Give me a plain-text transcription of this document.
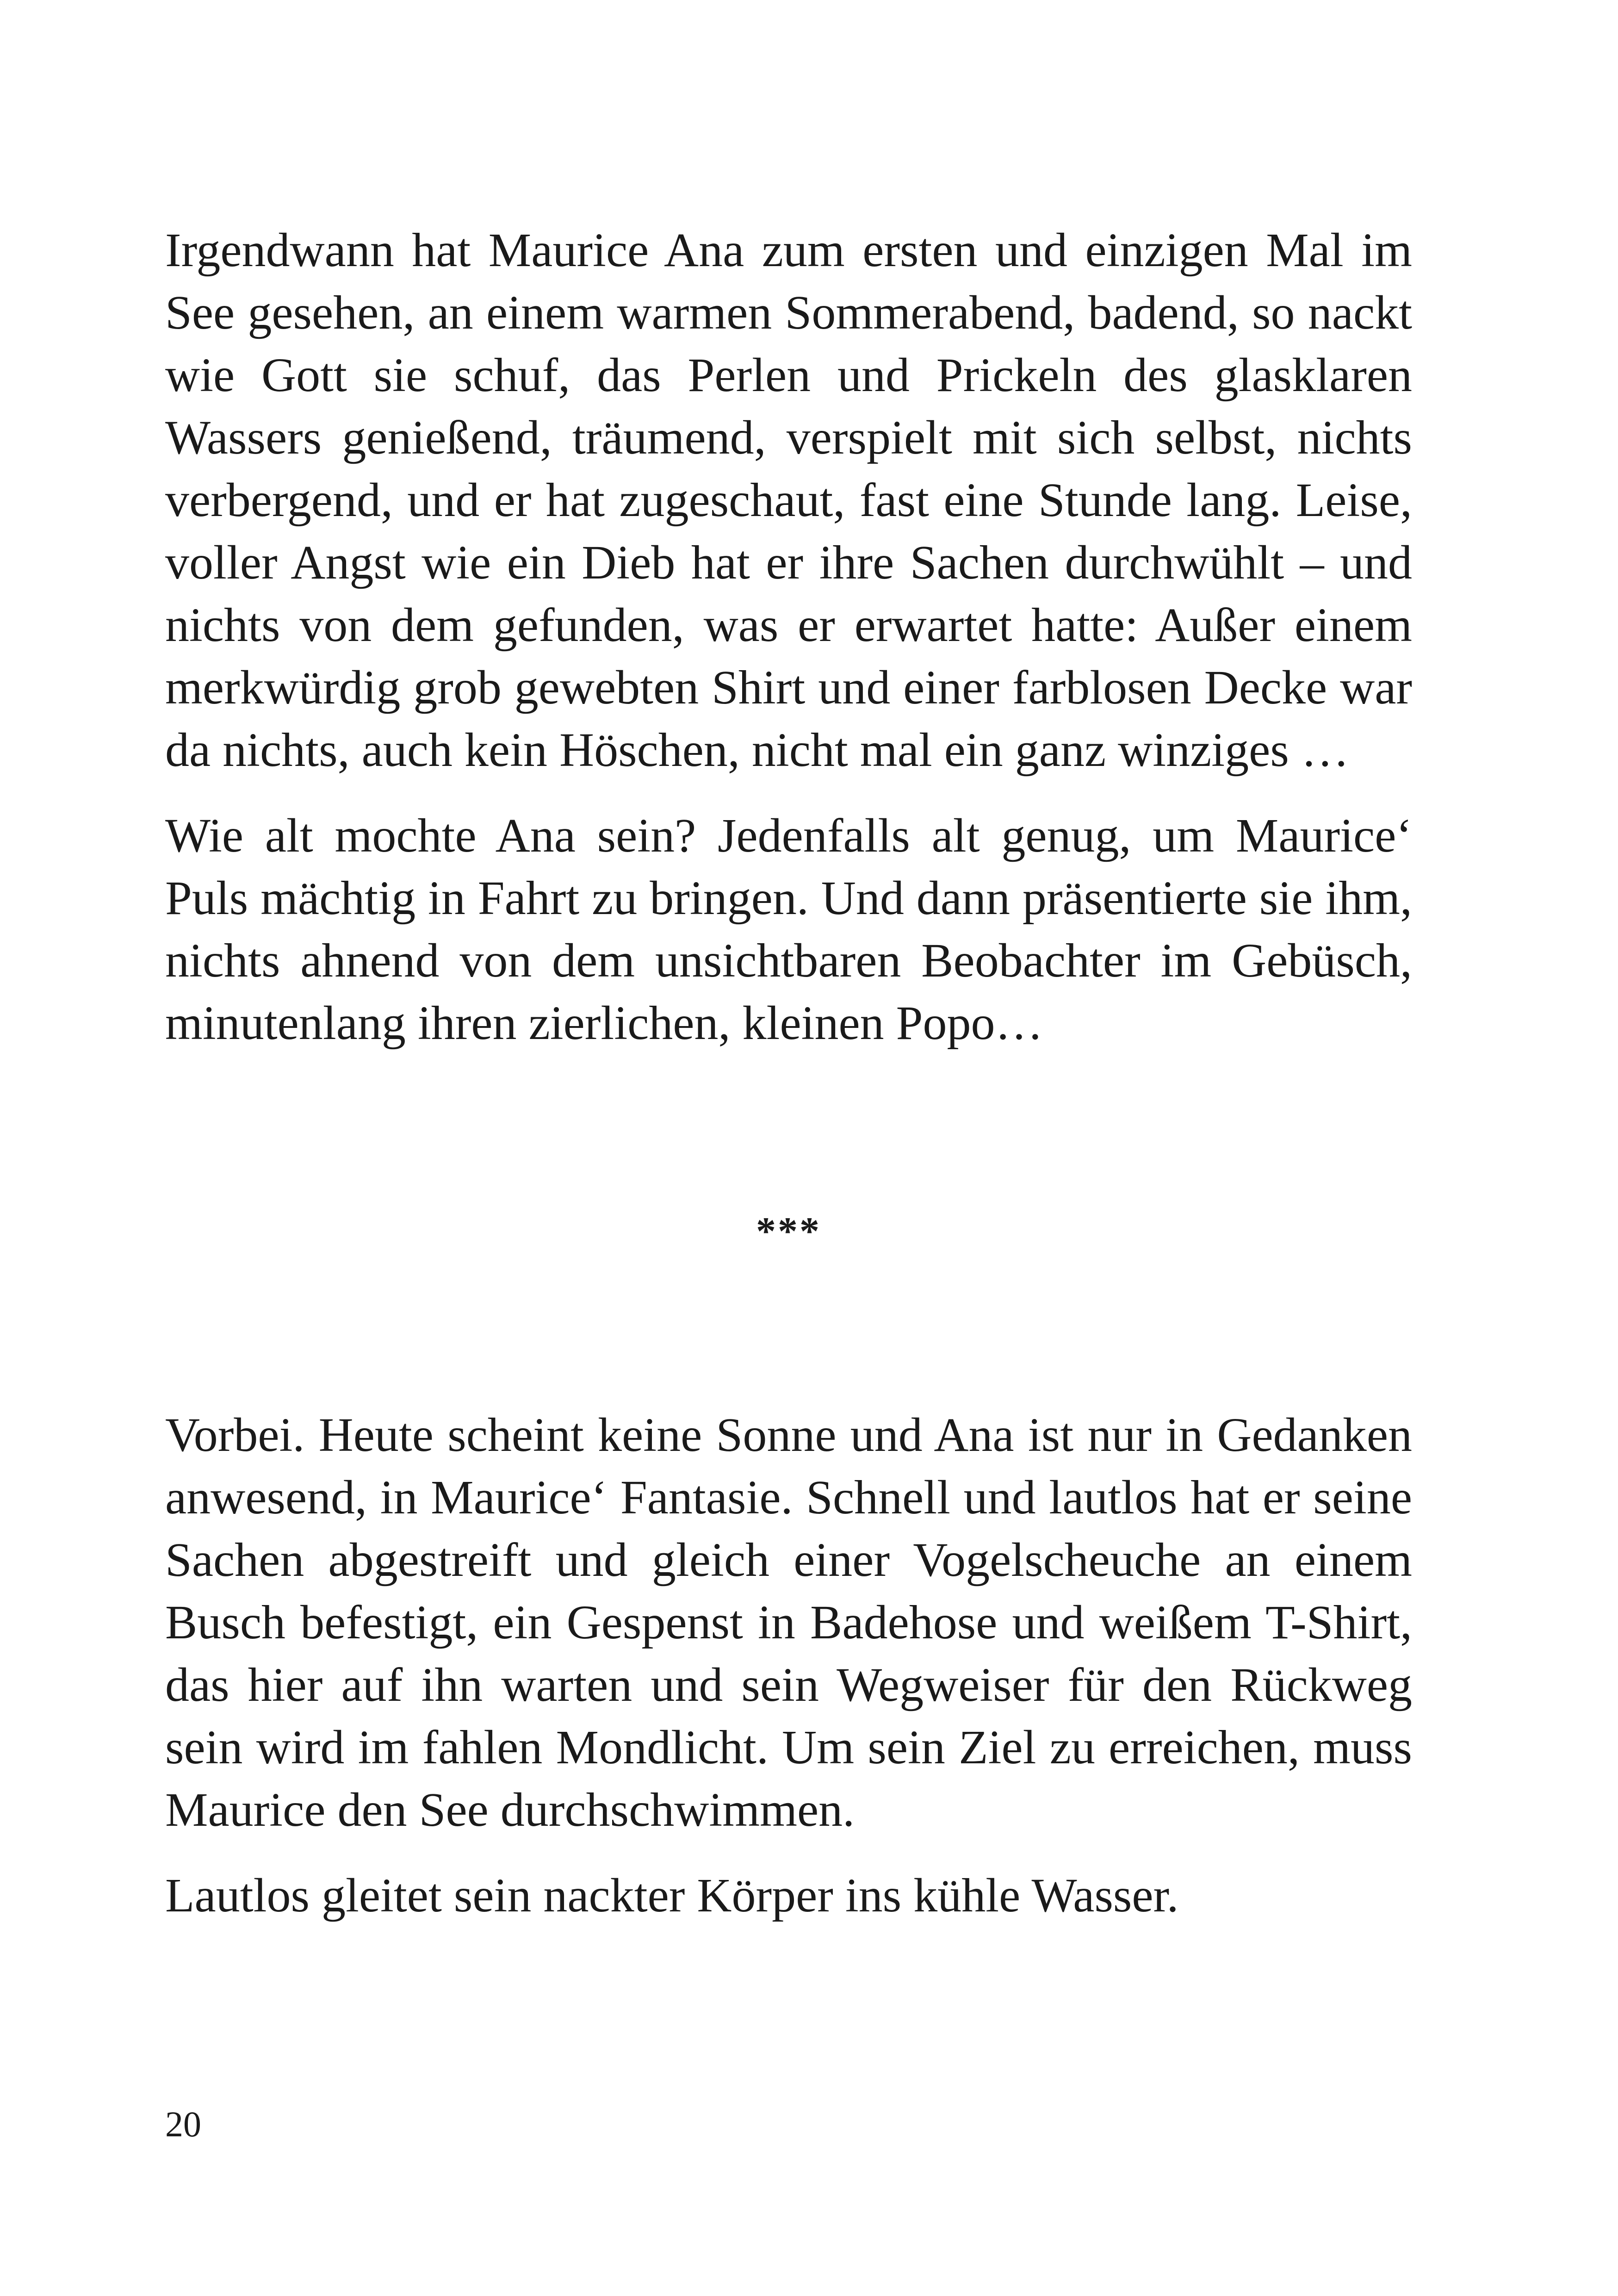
Irgendwann hat Maurice Ana zum ersten und einzigen Mal im See gesehen, an einem warmen Sommerabend, badend, so nackt wie Gott sie schuf, das Perlen und Prickeln des glasklaren Wassers genießend, träumend, verspielt mit sich selbst, nichts verbergend, und er hat zugeschaut, fast eine Stunde lang. Leise, voller Angst wie ein Dieb hat er ihre Sachen durchwühlt – und nichts von dem gefunden, was er erwartet hatte: Außer einem merkwürdig grob gewebten Shirt und einer farblosen Decke war da nichts, auch kein Höschen, nicht mal ein ganz winziges …

Wie alt mochte Ana sein? Jedenfalls alt genug, um Maurice‘ Puls mächtig in Fahrt zu bringen. Und dann präsentierte sie ihm, nichts ahnend von dem unsichtbaren Beobachter im Gebüsch, minutenlang ihren zierlichen, kleinen Popo…

***

Vorbei. Heute scheint keine Sonne und Ana ist nur in Gedanken anwesend, in Maurice‘ Fantasie. Schnell und lautlos hat er seine Sachen abgestreift und gleich einer Vogelscheuche an einem Busch befestigt, ein Gespenst in Badehose und weißem T-Shirt, das hier auf ihn warten und sein Wegweiser für den Rückweg sein wird im fahlen Mondlicht. Um sein Ziel zu erreichen, muss Maurice den See durchschwimmen.

Lautlos gleitet sein nackter Körper ins kühle Wasser.

20
